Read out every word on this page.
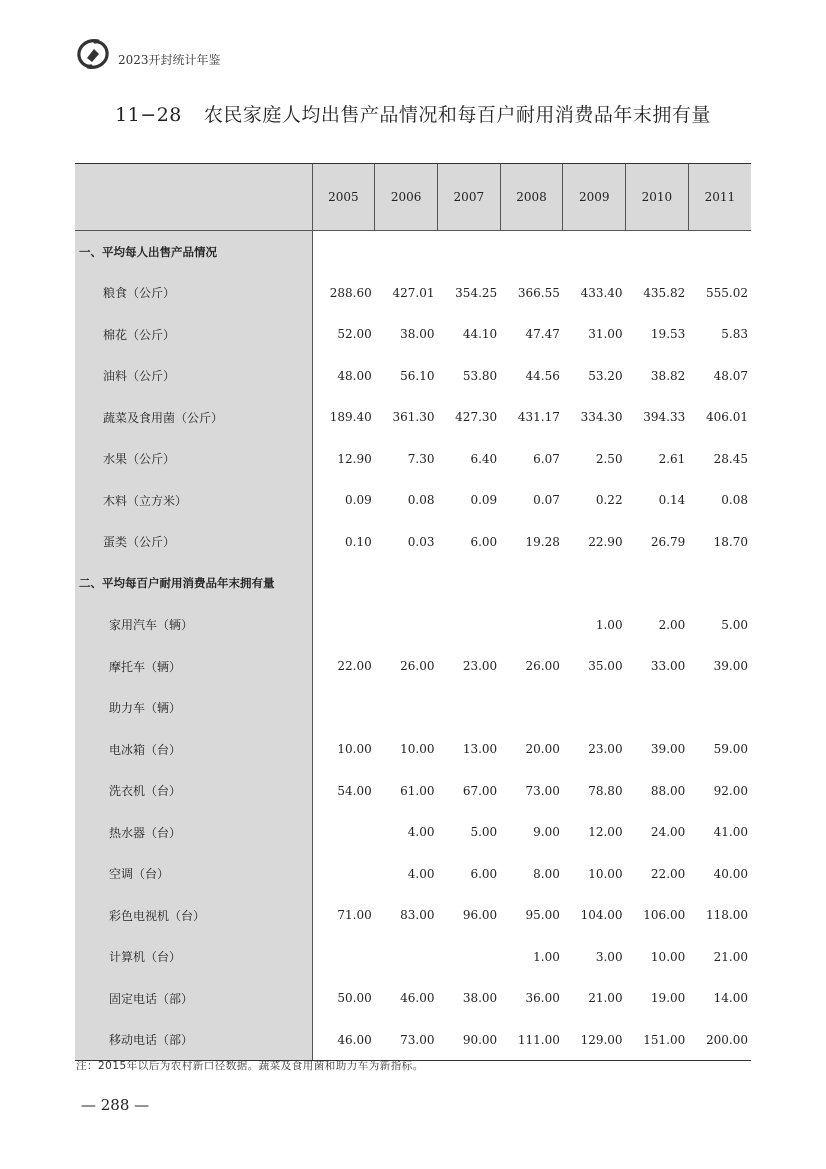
2023开封统计年鉴
11−28 农民家庭人均出售产品情况和每百户耐用消费品年末拥有量
	2005	2006	2007	2008	2009	2010	2011
一、平均每人出售产品情况							
粮食（公斤）	288.60	427.01	354.25	366.55	433.40	435.82	555.02
棉花（公斤）	52.00	38.00	44.10	47.47	31.00	19.53	5.83
油料（公斤）	48.00	56.10	53.80	44.56	53.20	38.82	48.07
蔬菜及食用菌（公斤）	189.40	361.30	427.30	431.17	334.30	394.33	406.01
水果（公斤）	12.90	7.30	6.40	6.07	2.50	2.61	28.45
木料（立方米）	0.09	0.08	0.09	0.07	0.22	0.14	0.08
蛋类（公斤）	0.10	0.03	6.00	19.28	22.90	26.79	18.70
二、平均每百户耐用消费品年末拥有量							
家用汽车（辆）					1.00	2.00	5.00
摩托车（辆）	22.00	26.00	23.00	26.00	35.00	33.00	39.00
助力车（辆）							
电冰箱（台）	10.00	10.00	13.00	20.00	23.00	39.00	59.00
洗衣机（台）	54.00	61.00	67.00	73.00	78.80	88.00	92.00
热水器（台）		4.00	5.00	9.00	12.00	24.00	41.00
空调（台）		4.00	6.00	8.00	10.00	22.00	40.00
彩色电视机（台）	71.00	83.00	96.00	95.00	104.00	106.00	118.00
计算机（台）				1.00	3.00	10.00	21.00
固定电话（部）	50.00	46.00	38.00	36.00	21.00	19.00	14.00
移动电话（部）	46.00	73.00	90.00	111.00	129.00	151.00	200.00
注：2015年以后为农村新口径数据。蔬菜及食用菌和助力车为新指标。
— 288 —
